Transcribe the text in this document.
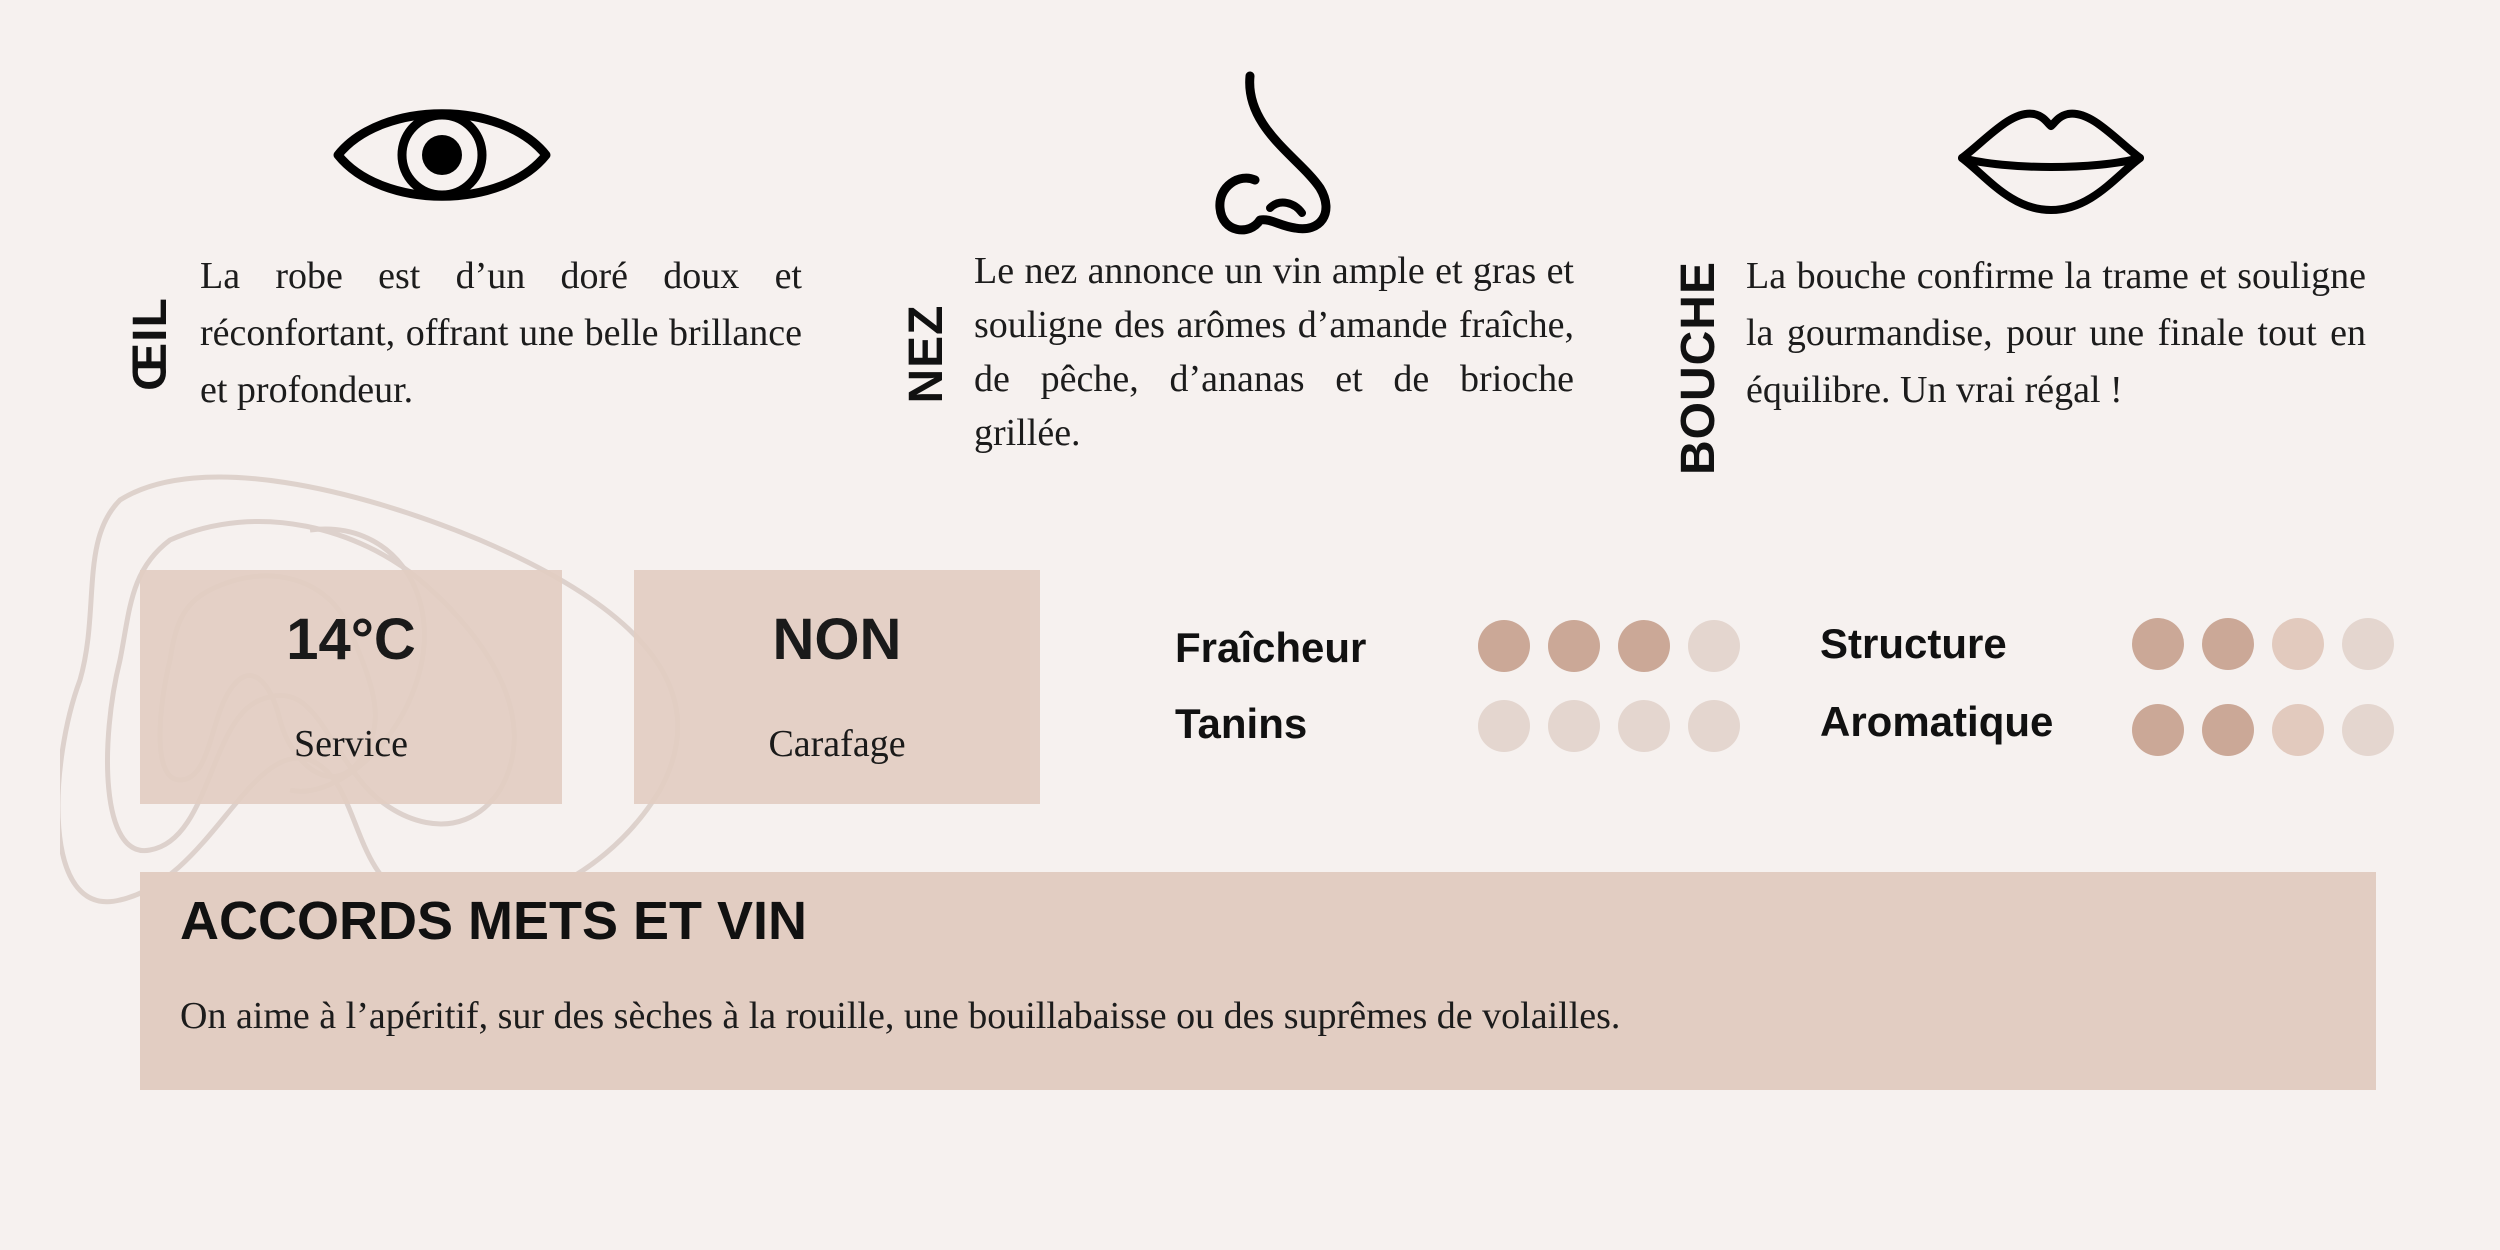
ŒIL
La robe est d’un doré doux et réconfortant, offrant une belle brillance et profondeur.	NEZ
Le nez annonce un vin ample et gras et souligne des arômes d’amande fraîche, de pêche, d’ananas et de brioche grillée.	BOUCHE La bouche confirme la trame et souligne la gourmandise, pour une finale tout en équilibre. Un vrai régal !
14°C
Service
NON
Carafage
Fraîcheur
Tanins
Structure
Aromatique
ACCORDS METS ET VIN

On aime à l’apéritif, sur des sèches à la rouille, une bouillabaisse ou des suprêmes de volailles.
